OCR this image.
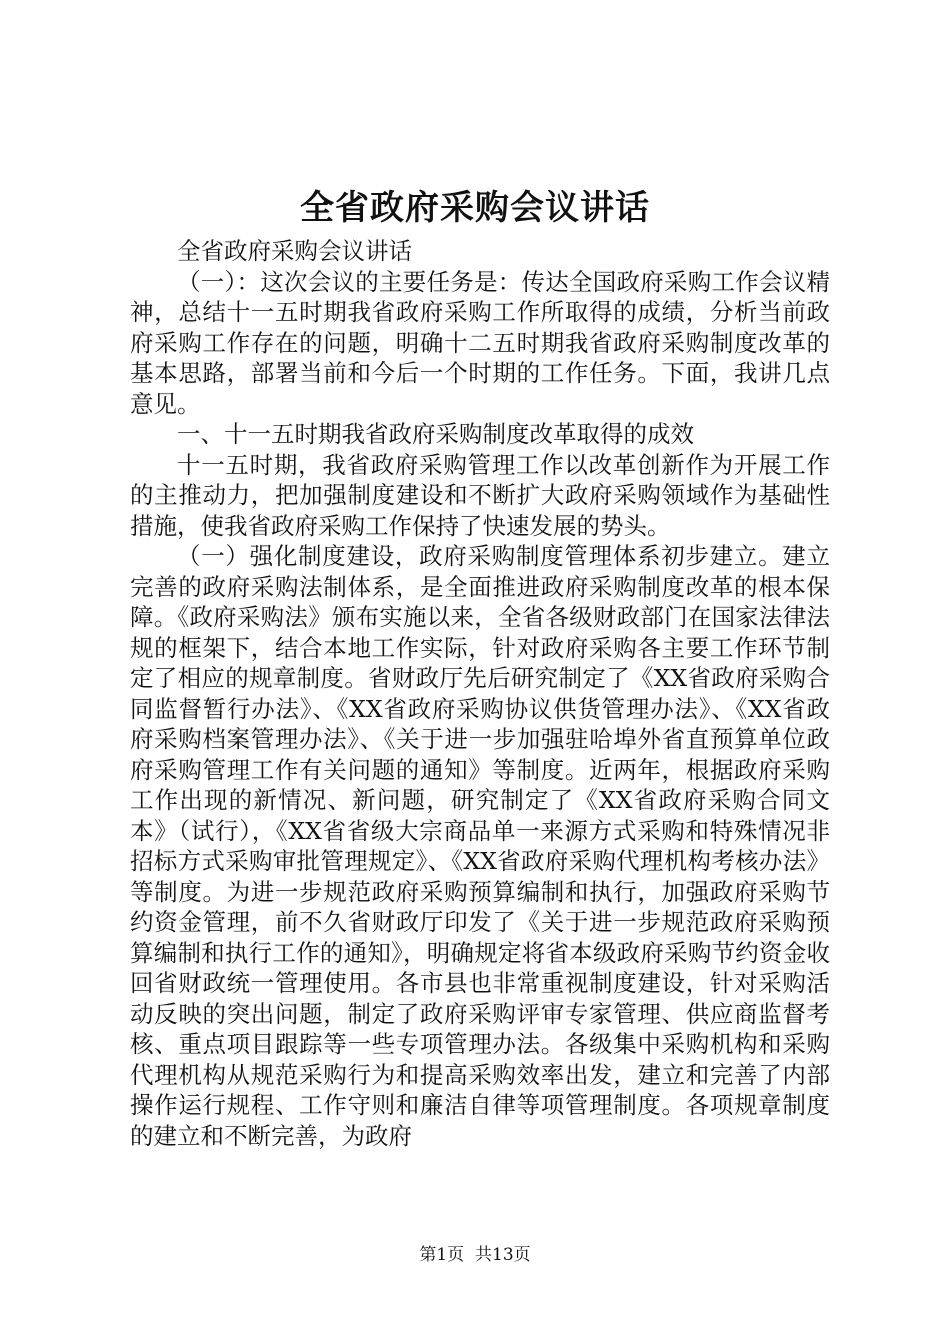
全省政府采购会议讲话

全省政府采购会议讲话

（一）：这次会议的主要任务是：传达全国政府采购工作会议精神，总结十一五时期我省政府采购工作所取得的成绩，分析当前政府采购工作存在的问题，明确十二五时期我省政府采购制度改革的基本思路，部署当前和今后一个时期的工作任务。下面，我讲几点意见。

一、十一五时期我省政府采购制度改革取得的成效

十一五时期，我省政府采购管理工作以改革创新作为开展工作的主推动力，把加强制度建设和不断扩大政府采购领域作为基础性措施，使我省政府采购工作保持了快速发展的势头。

（一）强化制度建设，政府采购制度管理体系初步建立。建立完善的政府采购法制体系，是全面推进政府采购制度改革的根本保障。《政府采购法》颁布实施以来，全省各级财政部门在国家法律法规的框架下，结合本地工作实际，针对政府采购各主要工作环节制定了相应的规章制度。省财政厅先后研究制定了《XX省政府采购合同监督暂行办法》、《XX省政府采购协议供货管理办法》、《XX省政府采购档案管理办法》、《关于进一步加强驻哈埠外省直预算单位政府采购管理工作有关问题的通知》等制度。近两年，根据政府采购工作出现的新情况、新问题，研究制定了《XX省政府采购合同文本》（试行），《XX省省级大宗商品单一来源方式采购和特殊情况非招标方式采购审批管理规定》、《XX省政府采购代理机构考核办法》等制度。为进一步规范政府采购预算编制和执行，加强政府采购节约资金管理，前不久省财政厅印发了《关于进一步规范政府采购预算编制和执行工作的通知》，明确规定将省本级政府采购节约资金收回省财政统一管理使用。各市县也非常重视制度建设，针对采购活动反映的突出问题，制定了政府采购评审专家管理、供应商监督考核、重点项目跟踪等一些专项管理办法。各级集中采购机构和采购代理机构从规范采购行为和提高采购效率出发，建立和完善了内部操作运行规程、工作守则和廉洁自律等项管理制度。各项规章制度的建立和不断完善，为政府

第1页 共13页
